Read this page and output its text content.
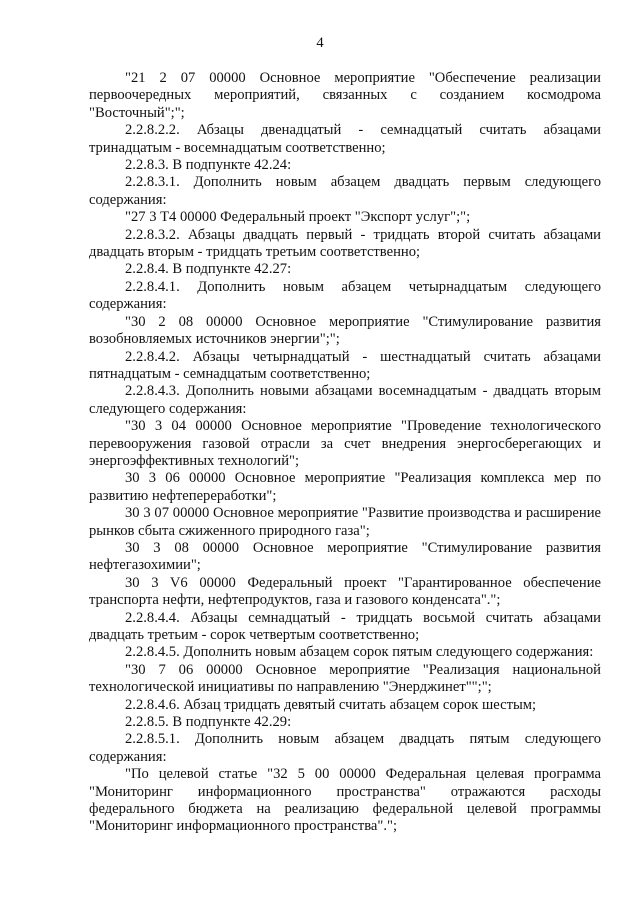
4

"21 2 07 00000 Основное мероприятие "Обеспечение реализации первоочередных мероприятий, связанных с созданием космодрома "Восточный";";

2.2.8.2.2. Абзацы двенадцатый - семнадцатый считать абзацами тринадцатым - восемнадцатым соответственно;

2.2.8.3. В подпункте 42.24:

2.2.8.3.1. Дополнить новым абзацем двадцать первым следующего содержания:

"27 3 Т4 00000 Федеральный проект "Экспорт услуг";";

2.2.8.3.2. Абзацы двадцать первый - тридцать второй считать абзацами двадцать вторым - тридцать третьим соответственно;

2.2.8.4. В подпункте 42.27:

2.2.8.4.1. Дополнить новым абзацем четырнадцатым следующего содержания:

"30 2 08 00000 Основное мероприятие "Стимулирование развития возобновляемых источников энергии";";

2.2.8.4.2. Абзацы четырнадцатый - шестнадцатый считать абзацами пятнадцатым - семнадцатым соответственно;

2.2.8.4.3. Дополнить новыми абзацами восемнадцатым - двадцать вторым следующего содержания:

"30 3 04 00000 Основное мероприятие "Проведение технологического перевооружения газовой отрасли за счет внедрения энергосберегающих и энергоэффективных технологий";

30 3 06 00000 Основное мероприятие "Реализация комплекса мер по развитию нефтепереработки";

30 3 07 00000 Основное мероприятие "Развитие производства и расширение рынков сбыта сжиженного природного газа";

30 3 08 00000 Основное мероприятие "Стимулирование развития нефтегазохимии";

30 3 V6 00000 Федеральный проект "Гарантированное обеспечение транспорта нефти, нефтепродуктов, газа и газового конденсата".";

2.2.8.4.4. Абзацы семнадцатый - тридцать восьмой считать абзацами двадцать третьим - сорок четвертым соответственно;

2.2.8.4.5. Дополнить новым абзацем сорок пятым следующего содержания:

"30 7 06 00000 Основное мероприятие "Реализация национальной технологической инициативы по направлению "Энерджинет"";";

2.2.8.4.6. Абзац тридцать девятый считать абзацем сорок шестым;

2.2.8.5. В подпункте 42.29:

2.2.8.5.1. Дополнить новым абзацем двадцать пятым следующего содержания:

"По целевой статье "32 5 00 00000 Федеральная целевая программа "Мониторинг информационного пространства" отражаются расходы федерального бюджета на реализацию федеральной целевой программы "Мониторинг информационного пространства".";
